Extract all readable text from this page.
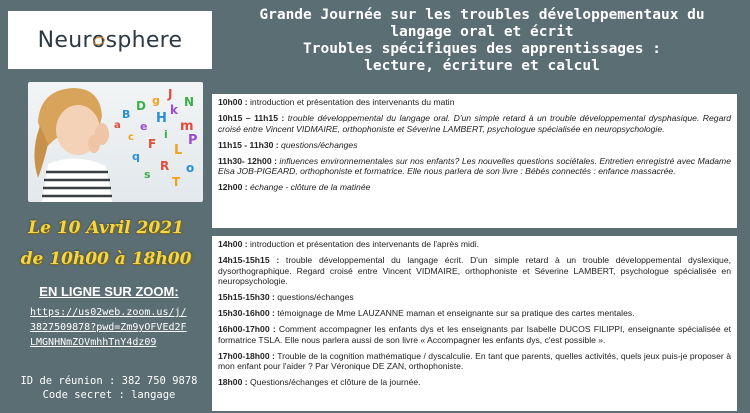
Neurosphere
a
B
c
D
e
F
g
H
i
J
k
L
m
N
o
P
q
R
s
T
Le 10 Avril 2021
de 10h00 à 18h00
EN LIGNE SUR ZOOM:
https://us02web.zoom.us/j/3827509878?pwd=Zm9yOFVEd2FLMGNHNmZOVmhhTnY4dz09
ID de réunion : 382 750 9878
Code secret : langage
Grande Journée sur les troubles développementaux du
langage oral et écrit
Troubles spécifiques des apprentissages :
lecture, écriture et calcul
10h00 : introduction et présentation des intervenants du matin
10h15 – 11h15 : trouble développemental du langage oral. D'un simple retard à un trouble développemental dysphasique. Regard croisé entre Vincent VIDMAIRE, orthophoniste et Séverine LAMBERT, psychologue spécialisée en neuropsychologie.
11h15 - 11h30 : questions/échanges
11h30- 12h00 : influences environnementales sur nos enfants? Les nouvelles questions sociétales. Entretien enregistré avec Madame Elsa JOB-PIGEARD, orthophoniste et formatrice. Elle nous parlera de son livre : Bébés connectés : enfance massacrée.
12h00 : échange - clôture de la matinée
14h00 : introduction et présentation des intervenants de l'après midi.
14h15-15h15 : trouble développemental du langage écrit. D'un simple retard à un trouble développemental dyslexique, dysorthographique. Regard croisé entre Vincent VIDMAIRE, orthophoniste et Séverine LAMBERT, psychologue spécialisée en neuropsychologie.
15h15-15h30 : questions/échanges
15h30-16h00 : témoignage de Mme LAUZANNE maman et enseignante sur sa pratique des cartes mentales.
16h00-17h00 : Comment accompagner les enfants dys et les enseignants par Isabelle DUCOS FILIPPI, enseignante spécialisée et formatrice TSLA. Elle nous parlera aussi de son livre « Accompagner les enfants dys, c'est possible ».
17h00-18h00 : Trouble de la cognition mathématique / dyscalculie. En tant que parents, quelles activités, quels jeux puis-je proposer à mon enfant pour l'aider ? Par Véronique DE ZAN, orthophoniste.
18h00 : Questions/échanges et clôture de la journée.
